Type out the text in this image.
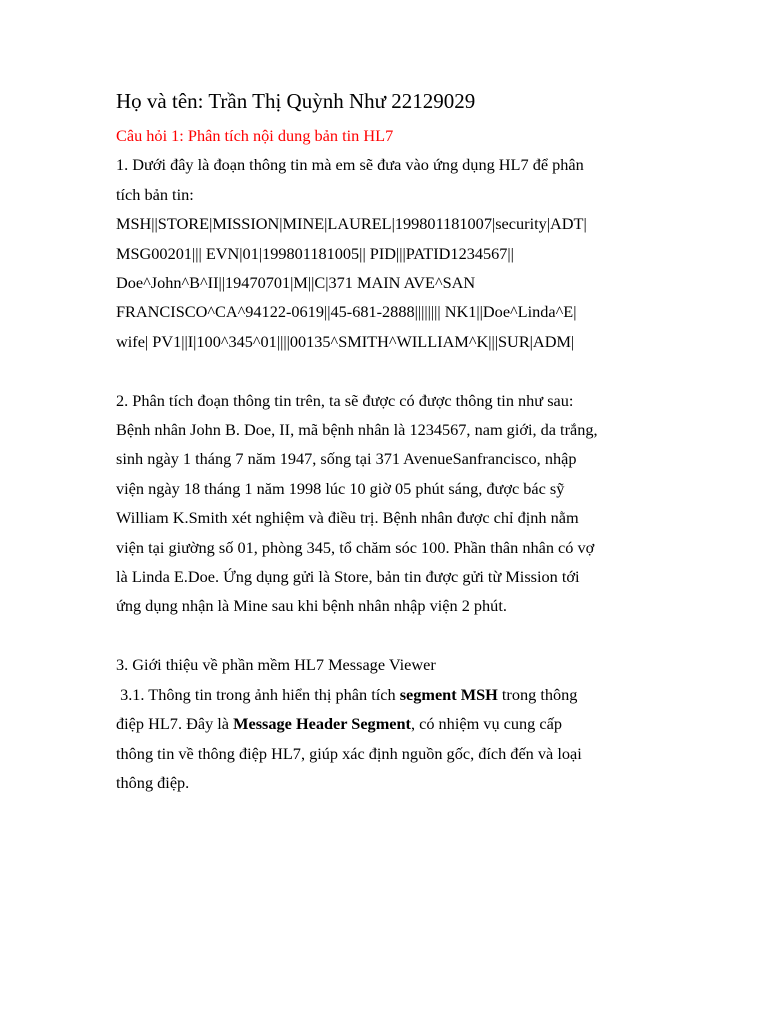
Họ và tên: Trần Thị Quỳnh Như 22129029
Câu hỏi 1: Phân tích nội dung bản tin HL7
1. Dưới đây là đoạn thông tin mà em sẽ đưa vào ứng dụng HL7 để phân
tích bản tin:
MSH||STORE|MISSION|MINE|LAUREL|199801181007|security|ADT|
MSG00201||| EVN|01|199801181005|| PID|||PATID1234567||
Doe^John^B^II||19470701|M||C|371 MAIN AVE^SAN
FRANCISCO^CA^94122-0619||45-681-2888|||||||| NK1||Doe^Linda^E|
wife| PV1||I|100^345^01||||00135^SMITH^WILLIAM^K|||SUR|ADM|
2. Phân tích đoạn thông tin trên, ta sẽ được có được thông tin như sau:
Bệnh nhân John B. Doe, II, mã bệnh nhân là 1234567, nam giới, da trắng,
sinh ngày 1 tháng 7 năm 1947, sống tại 371 AvenueSanfrancisco, nhập
viện ngày 18 tháng 1 năm 1998 lúc 10 giờ 05 phút sáng, được bác sỹ
William K.Smith xét nghiệm và điều trị. Bệnh nhân được chỉ định nằm
viện tại giường số 01, phòng 345, tổ chăm sóc 100. Phần thân nhân có vợ
là Linda E.Doe. Ứng dụng gửi là Store, bản tin được gửi từ Mission tới
ứng dụng nhận là Mine sau khi bệnh nhân nhập viện 2 phút.
3. Giới thiệu về phần mềm HL7 Message Viewer
3.1. Thông tin trong ảnh hiển thị phân tích segment MSH trong thông
điệp HL7. Đây là Message Header Segment, có nhiệm vụ cung cấp
thông tin về thông điệp HL7, giúp xác định nguồn gốc, đích đến và loại
thông điệp.
